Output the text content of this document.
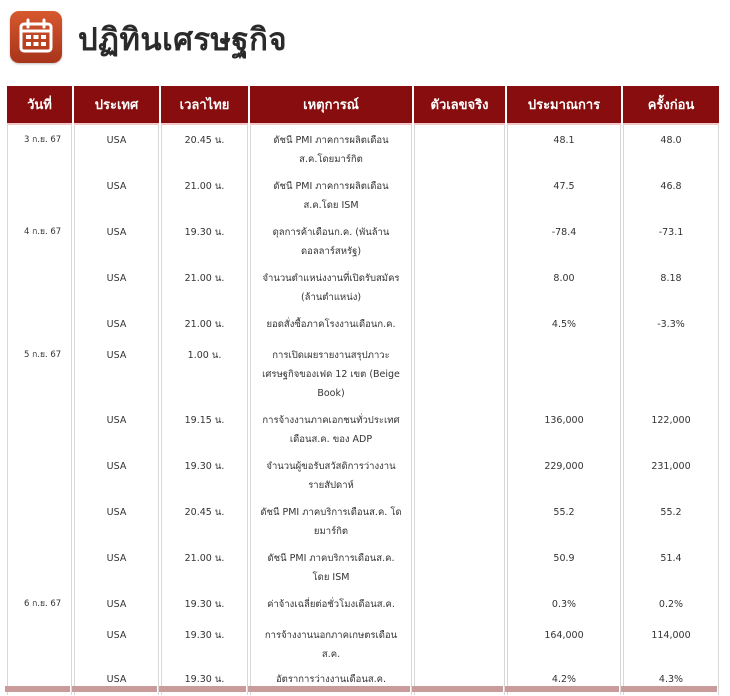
ปฏิทินเศรษฐกิจ
วันที่	ประเทศ	เวลาไทย	เหตุการณ์	ตัวเลขจริง	ประมาณการ	ครั้งก่อน
3 ก.ย. 67	USA	20.45 น.	ดัชนี PMI ภาคการผลิตเดือนส.ค.โดยมาร์กิต		48.1	48.0
	USA	21.00 น.	ดัชนี PMI ภาคการผลิตเดือนส.ค.โดย ISM		47.5	46.8
4 ก.ย. 67	USA	19.30 น.	ดุลการค้าเดือนก.ค. (พันล้านดอลลาร์สหรัฐ)		-78.4	-73.1
	USA	21.00 น.	จำนวนตำแหน่งงานที่เปิดรับสมัคร (ล้านตำแหน่ง)		8.00	8.18
	USA	21.00 น.	ยอดสั่งซื้อภาคโรงงานเดือนก.ค.		4.5%	-3.3%
5 ก.ย. 67	USA	1.00 น.	การเปิดเผยรายงานสรุปภาวะเศรษฐกิจของเฟด 12 เขต (Beige Book)			
	USA	19.15 น.	การจ้างงานภาคเอกชนทั่วประเทศเดือนส.ค. ของ ADP		136,000	122,000
	USA	19.30 น.	จำนวนผู้ขอรับสวัสดิการว่างงานรายสัปดาห์		229,000	231,000
	USA	20.45 น.	ดัชนี PMI ภาคบริการเดือนส.ค. โดยมาร์กิต		55.2	55.2
	USA	21.00 น.	ดัชนี PMI ภาคบริการเดือนส.ค. โดย ISM		50.9	51.4
6 ก.ย. 67	USA	19.30 น.	ค่าจ้างเฉลี่ยต่อชั่วโมงเดือนส.ค.		0.3%	0.2%
	USA	19.30 น.	การจ้างงานนอกภาคเกษตรเดือนส.ค.		164,000	114,000
	USA	19.30 น.	อัตราการว่างงานเดือนส.ค.		4.2%	4.3%
